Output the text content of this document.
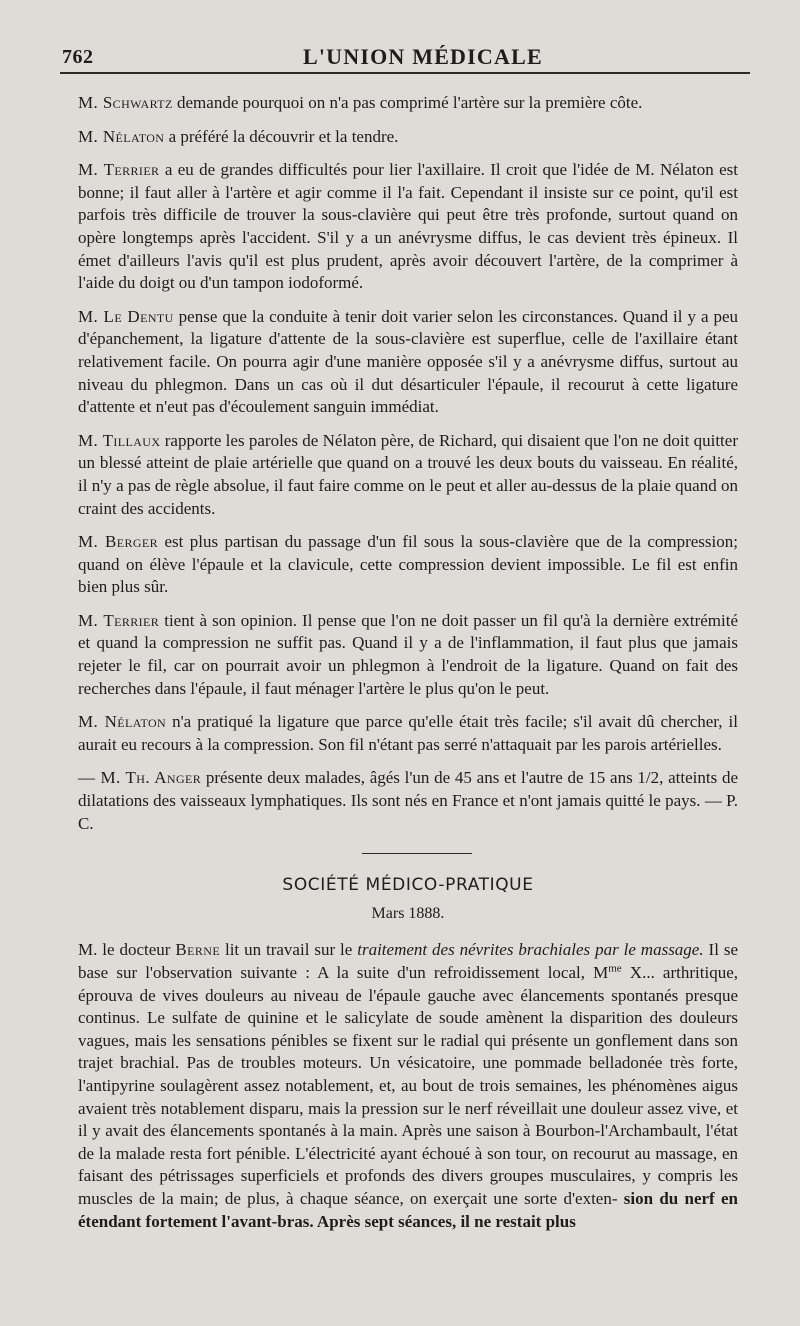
762	L'UNION MÉDICALE

M. Schwartz demande pourquoi on n'a pas comprimé l'artère sur la première côte.

M. Nélaton a préféré la découvrir et la tendre.

M. Terrier a eu de grandes difficultés pour lier l'axillaire. Il croit que l'idée de M. Nélaton est bonne; il faut aller à l'artère et agir comme il l'a fait. Cependant il insiste sur ce point, qu'il est parfois très difficile de trouver la sous-clavière qui peut être très profonde, surtout quand on opère longtemps après l'accident. S'il y a un anévrysme diffus, le cas devient très épineux. Il émet d'ailleurs l'avis qu'il est plus prudent, après avoir découvert l'artère, de la comprimer à l'aide du doigt ou d'un tampon iodoformé.

M. Le Dentu pense que la conduite à tenir doit varier selon les circonstances. Quand il y a peu d'épanchement, la ligature d'attente de la sous-clavière est superflue, celle de l'axillaire étant relativement facile. On pourra agir d'une manière opposée s'il y a anévrysme diffus, surtout au niveau du phlegmon. Dans un cas où il dut désarticuler l'épaule, il recourut à cette ligature d'attente et n'eut pas d'écoulement sanguin immédiat.

M. Tillaux rapporte les paroles de Nélaton père, de Richard, qui disaient que l'on ne doit quitter un blessé atteint de plaie artérielle que quand on a trouvé les deux bouts du vaisseau. En réalité, il n'y a pas de règle absolue, il faut faire comme on le peut et aller au-dessus de la plaie quand on craint des accidents.

M. Berger est plus partisan du passage d'un fil sous la sous-clavière que de la compression; quand on élève l'épaule et la clavicule, cette compression devient impossible. Le fil est enfin bien plus sûr.

M. Terrier tient à son opinion. Il pense que l'on ne doit passer un fil qu'à la dernière extrémité et quand la compression ne suffit pas. Quand il y a de l'inflammation, il faut plus que jamais rejeter le fil, car on pourrait avoir un phlegmon à l'endroit de la ligature. Quand on fait des recherches dans l'épaule, il faut ménager l'artère le plus qu'on le peut.

M. Nélaton n'a pratiqué la ligature que parce qu'elle était très facile; s'il avait dû chercher, il aurait eu recours à la compression. Son fil n'étant pas serré n'attaquait par les parois artérielles.

— M. Th. Anger présente deux malades, âgés l'un de 45 ans et l'autre de 15 ans 1/2, atteints de dilatations des vaisseaux lymphatiques. Ils sont nés en France et n'ont jamais quitté le pays. — P. C.

SOCIÉTÉ MÉDICO-PRATIQUE

Mars 1888.

M. le docteur Berne lit un travail sur le traitement des névrites brachiales par le massage. Il se base sur l'observation suivante : A la suite d'un refroidissement local, $M^{me}$ X... arthritique, éprouva de vives douleurs au niveau de l'épaule gauche avec élancements spontanés presque continus. Le sulfate de quinine et le salicylate de soude amènent la disparition des douleurs vagues, mais les sensations pénibles se fixent sur le radial qui présente un gonflement dans son trajet brachial. Pas de troubles moteurs. Un vésicatoire, une pommade belladonée très forte, l'antipyrine soulagèrent assez notablement, et, au bout de trois semaines, les phénomènes aigus avaient très notablement disparu, mais la pression sur le nerf réveillait une douleur assez vive, et il y avait des élancements spontanés à la main. Après une saison à Bourbon-l'Archambault, l'état de la malade resta fort pénible. L'électricité ayant échoué à son tour, on recourut au massage, en faisant des pétrissages superficiels et profonds des divers groupes musculaires, y compris les muscles de la main; de plus, à chaque séance, on exerçait une sorte d'exten- sion du nerf en étendant fortement l'avant-bras. Après sept séances, il ne restait plus
